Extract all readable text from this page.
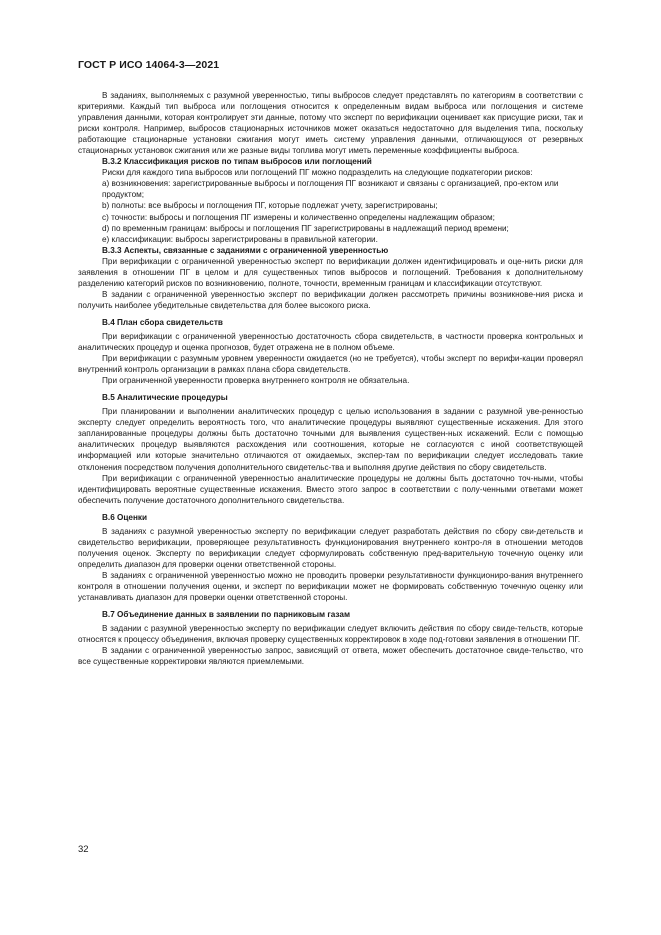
ГОСТ Р ИСО 14064-3—2021

В заданиях, выполняемых с разумной уверенностью, типы выбросов следует представлять по категориям в соответствии с критериями. Каждый тип выброса или поглощения относится к определенным видам выброса или поглощения и системе управления данными, которая контролирует эти данные, потому что эксперт по верификации оценивает как присущие риски, так и риски контроля. Например, выбросов стационарных источников может оказаться недостаточно для выделения типа, поскольку работающие стационарные установки сжигания могут иметь систему управления данными, отличающуюся от резервных стационарных установок сжигания или же разные виды топлива могут иметь переменные коэффициенты выброса.

B.3.2 Классификация рисков по типам выбросов или поглощений

Риски для каждого типа выбросов или поглощений ПГ можно подразделить на следующие подкатегории рисков:

a) возникновения: зарегистрированные выбросы и поглощения ПГ возникают и связаны с организацией, про-ектом или продуктом;

b) полноты: все выбросы и поглощения ПГ, которые подлежат учету, зарегистрированы;

c) точности: выбросы и поглощения ПГ измерены и количественно определены надлежащим образом;

d) по временным границам: выбросы и поглощения ПГ зарегистрированы в надлежащий период времени;

e) классификации: выбросы зарегистрированы в правильной категории.

B.3.3 Аспекты, связанные с заданиями с ограниченной уверенностью

При верификации с ограниченной уверенностью эксперт по верификации должен идентифицировать и оце-нить риски для заявления в отношении ПГ в целом и для существенных типов выбросов и поглощений. Требования к дополнительному разделению категорий рисков по возникновению, полноте, точности, временным границам и классификации отсутствуют.

В задании с ограниченной уверенностью эксперт по верификации должен рассмотреть причины возникнове-ния риска и получить наиболее убедительные свидетельства для более высокого риска.

B.4 План сбора свидетельств

При верификации с ограниченной уверенностью достаточность сбора свидетельств, в частности проверка контрольных и аналитических процедур и оценка прогнозов, будет отражена не в полном объеме.

При верификации с разумным уровнем уверенности ожидается (но не требуется), чтобы эксперт по верифи-кации проверял внутренний контроль организации в рамках плана сбора свидетельств.

При ограниченной уверенности проверка внутреннего контроля не обязательна.

B.5 Аналитические процедуры

При планировании и выполнении аналитических процедур с целью использования в задании с разумной уве-ренностью эксперту следует определить вероятность того, что аналитические процедуры выявляют существенные искажения. Для этого запланированные процедуры должны быть достаточно точными для выявления существен-ных искажений. Если с помощью аналитических процедур выявляются расхождения или соотношения, которые не согласуются с иной соответствующей информацией или которые значительно отличаются от ожидаемых, экспер-там по верификации следует исследовать такие отклонения посредством получения дополнительного свидетельс-тва и выполняя другие действия по сбору свидетельств.

При верификации с ограниченной уверенностью аналитические процедуры не должны быть достаточно точ-ными, чтобы идентифицировать вероятные существенные искажения. Вместо этого запрос в соответствии с полу-ченными ответами может обеспечить получение достаточного дополнительного свидетельства.

B.6 Оценки

В заданиях с разумной уверенностью эксперту по верификации следует разработать действия по сбору сви-детельств и свидетельство верификации, проверяющее результативность функционирования внутреннего контро-ля в отношении методов получения оценок. Эксперту по верификации следует сформулировать собственную пред-варительную точечную оценку или определить диапазон для проверки оценки ответственной стороны.

В заданиях с ограниченной уверенностью можно не проводить проверки результативности функциониро-вания внутреннего контроля в отношении получения оценки, и эксперт по верификации может не формировать собственную точечную оценку или устанавливать диапазон для проверки оценки ответственной стороны.

B.7 Объединение данных в заявлении по парниковым газам

В задании с разумной уверенностью эксперту по верификации следует включить действия по сбору свиде-тельств, которые относятся к процессу объединения, включая проверку существенных корректировок в ходе под-готовки заявления в отношении ПГ.

В задании с ограниченной уверенностью запрос, зависящий от ответа, может обеспечить достаточное свиде-тельство, что все существенные корректировки являются приемлемыми.

32
